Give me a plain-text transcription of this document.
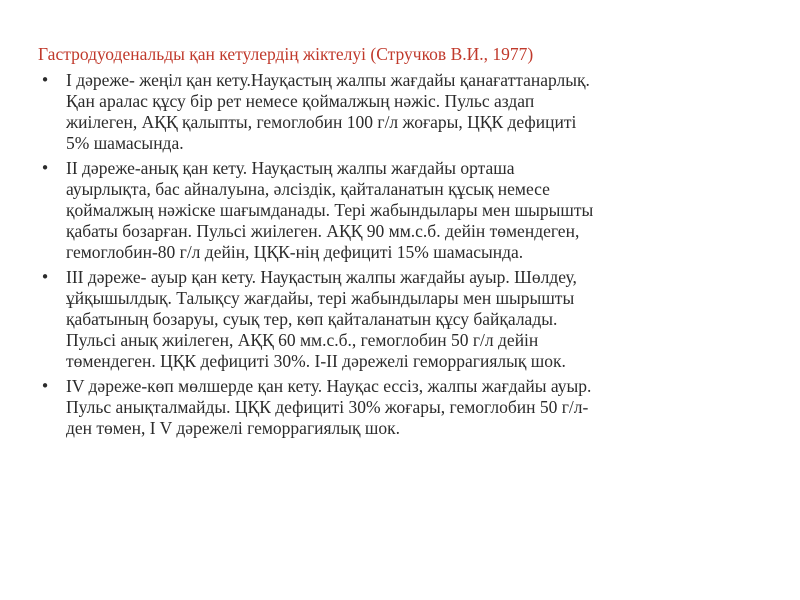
Гастродуоденальды қан кетулердің жіктелуі (Стручков В.И., 1977)
• I дәреже- жеңіл қан кету.Науқастың жалпы жағдайы қанағаттанарлық.
Қан аралас құсу бір рет немесе қоймалжың нәжіс. Пульс аздап
жиілеген, АҚҚ қалыпты, гемоглобин 100 г/л жоғары, ЦҚК дефициті
5% шамасында.
• II дәреже-анық қан кету. Науқастың жалпы жағдайы орташа
ауырлықта, бас айналуына, әлсіздік, қайталанатын құсық немесе
қоймалжың нәжіске шағымданады. Тері жабындылары мен шырышты
қабаты бозарған. Пульсі жиілеген. АҚҚ 90 мм.с.б. дейін төмендеген,
гемоглобин-80 г/л дейін, ЦҚК-нің дефициті 15% шамасында.
• III дәреже- ауыр қан кету. Науқастың жалпы жағдайы ауыр. Шөлдеу,
ұйқышылдық. Талықсу жағдайы, тері жабындылары мен шырышты
қабатының бозаруы, суық тер, көп қайталанатын құсу байқалады.
Пульсі анық жиілеген, АҚҚ 60 мм.с.б., гемоглобин 50 г/л дейін
төмендеген. ЦҚК дефициті 30%. I-II дәрежелі геморрагиялық шок.
• IV дәреже-көп мөлшерде қан кету. Науқас ессіз, жалпы жағдайы ауыр.
Пульс анықталмайды. ЦҚК дефициті 30% жоғары, гемоглобин 50 г/л-
ден төмен, I V дәрежелі геморрагиялық шок.
